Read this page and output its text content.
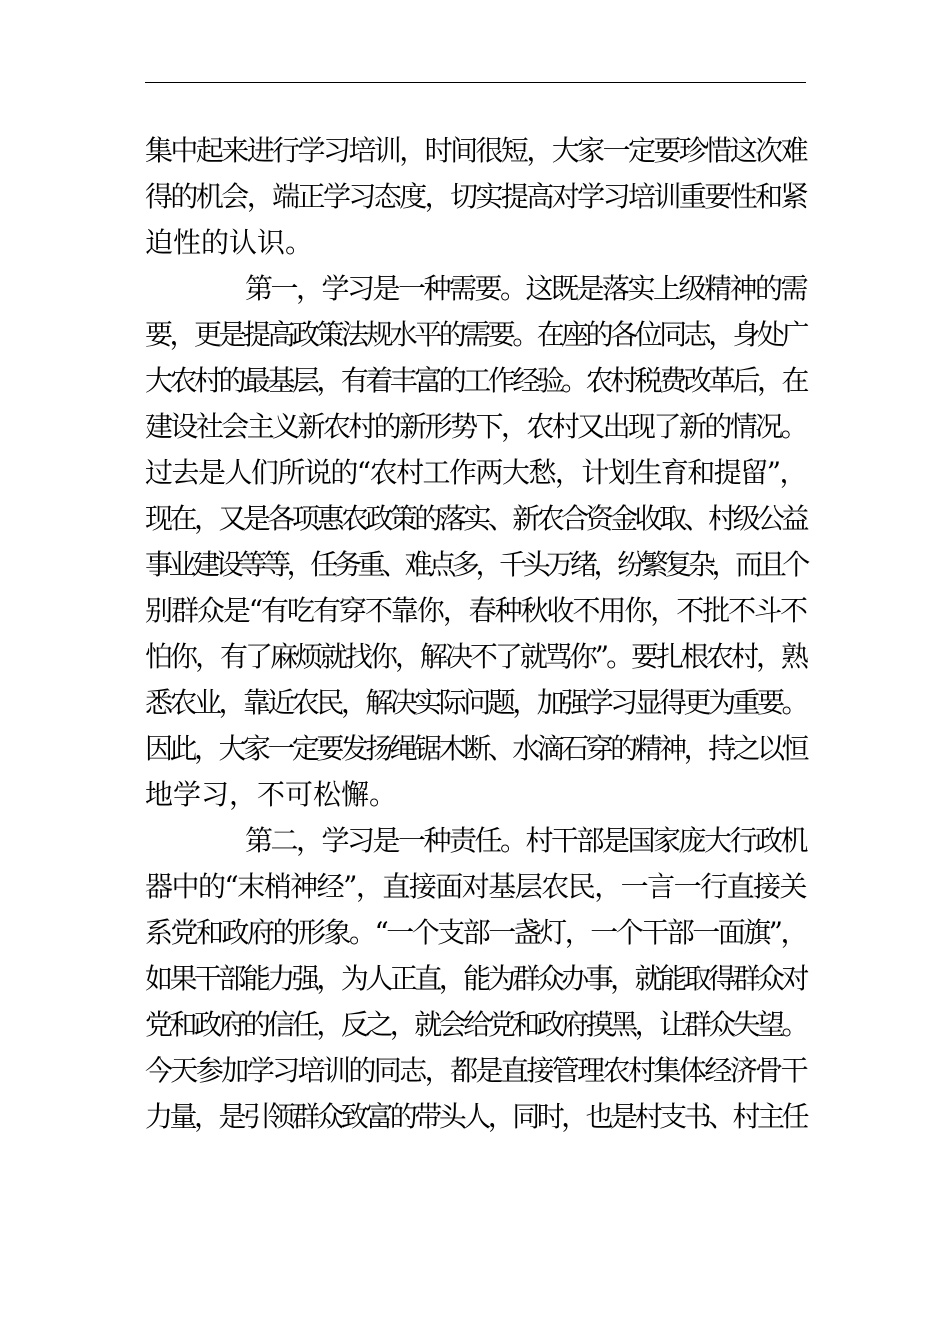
集中起来进行学习培训，时间很短，大家一定要珍惜这次难
得的机会，端正学习态度，切实提高对学习培训重要性和紧
迫性的认识。
第一，学习是一种需要。这既是落实上级精神的需
要，更是提高政策法规水平的需要。在座的各位同志，身处广
大农村的最基层，有着丰富的工作经验。农村税费改革后，在
建设社会主义新农村的新形势下，农村又出现了新的情况。
过去是人们所说的“农村工作两大愁，计划生育和提留”，
现在，又是各项惠农政策的落实、新农合资金收取、村级公益
事业建设等等，任务重、难点多，千头万绪，纷繁复杂，而且个
别群众是“有吃有穿不靠你，春种秋收不用你，不批不斗不
怕你，有了麻烦就找你，解决不了就骂你”。要扎根农村，熟
悉农业，靠近农民，解决实际问题，加强学习显得更为重要。
因此，大家一定要发扬绳锯木断、水滴石穿的精神，持之以恒
地学习，不可松懈。
第二，学习是一种责任。村干部是国家庞大行政机
器中的“末梢神经”，直接面对基层农民，一言一行直接关
系党和政府的形象。“一个支部一盏灯，一个干部一面旗”，
如果干部能力强，为人正直，能为群众办事，就能取得群众对
党和政府的信任，反之，就会给党和政府摸黑，让群众失望。
今天参加学习培训的同志，都是直接管理农村集体经济骨干
力量，是引领群众致富的带头人，同时，也是村支书、村主任
